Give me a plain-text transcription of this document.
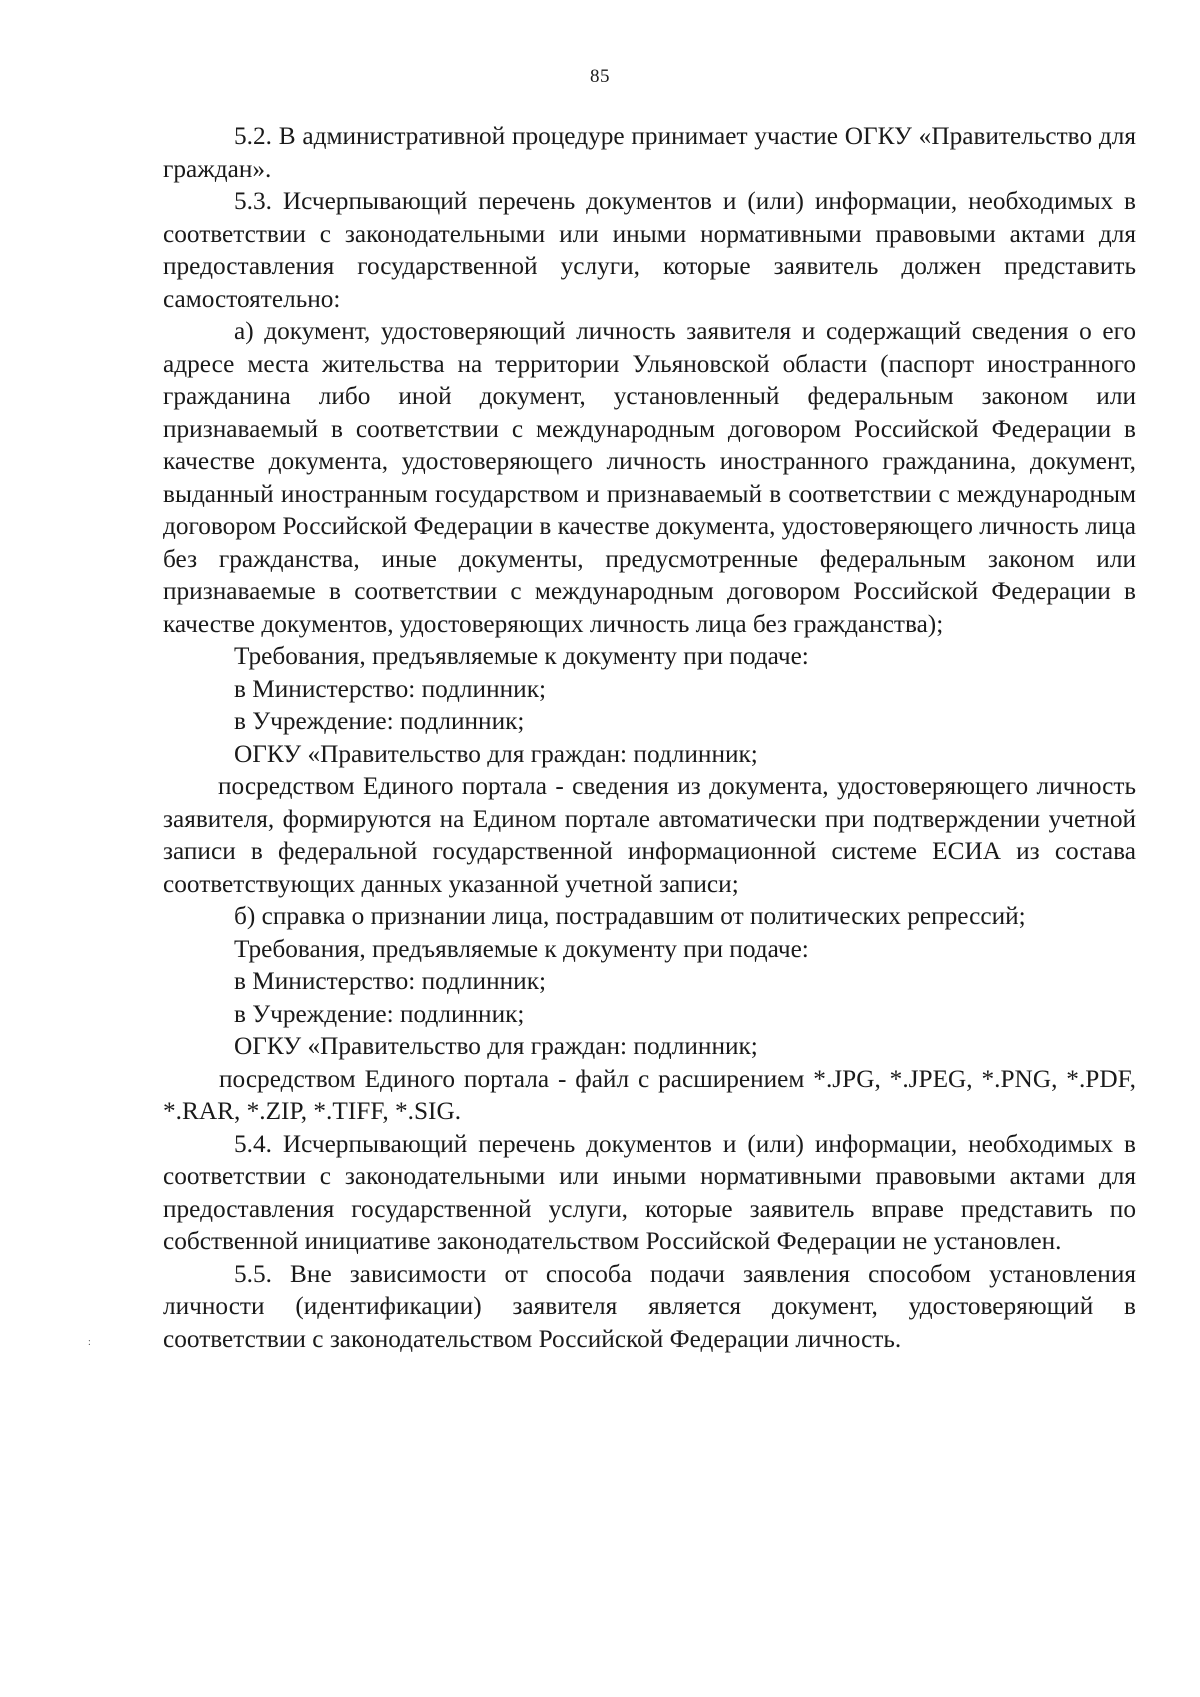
85
:

5.2. В административной процедуре принимает участие ОГКУ «Правительство для граждан».

5.3. Исчерпывающий перечень документов и (или) информации, необходимых в соответствии с законодательными или иными нормативными правовыми актами для предоставления государственной услуги, которые заявитель должен представить самостоятельно:

а) документ, удостоверяющий личность заявителя и содержащий сведения о его адресе места жительства на территории Ульяновской области (паспорт иностранного гражданина либо иной документ, установленный федеральным законом или признаваемый в соответствии с международным договором Российской Федерации в качестве документа, удостоверяющего личность иностранного гражданина, документ, выданный иностранным государством и признаваемый в соответствии с международным договором Российской Федерации в качестве документа, удостоверяющего личность лица без гражданства, иные документы, предусмотренные федеральным законом или признаваемые в соответствии с международным договором Российской Федерации в качестве документов, удостоверяющих личность лица без гражданства);

Требования, предъявляемые к документу при подаче:

в Министерство: подлинник;

в Учреждение: подлинник;

ОГКУ «Правительство для граждан: подлинник;

посредством Единого портала - сведения из документа, удостоверяющего личность заявителя, формируются на Едином портале автоматически при подтверждении учетной записи в федеральной государственной информационной системе ЕСИА из состава соответствующих данных указанной учетной записи;

б) справка о признании лица, пострадавшим от политических репрессий;

Требования, предъявляемые к документу при подаче:

в Министерство: подлинник;

в Учреждение: подлинник;

ОГКУ «Правительство для граждан: подлинник;

посредством Единого портала - файл с расширением *.JPG, *.JPEG, *.PNG, *.PDF, *.RAR, *.ZIP, *.TIFF, *.SIG.

5.4. Исчерпывающий перечень документов и (или) информации, необходимых в соответствии с законодательными или иными нормативными правовыми актами для предоставления государственной услуги, которые заявитель вправе представить по собственной инициативе законодательством Российской Федерации не установлен.

5.5. Вне зависимости от способа подачи заявления способом установления личности (идентификации) заявителя является документ, удостоверяющий в соответствии с законодательством Российской Федерации личность.
